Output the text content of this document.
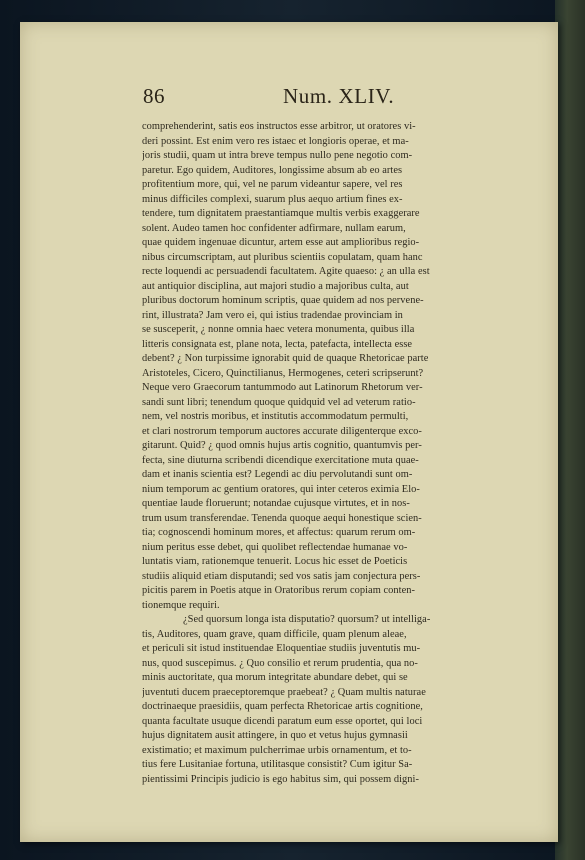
86	Num. XLIV.
comprehenderint, satis eos instructos esse arbitror, ut oratores vi-
deri possint. Est enim vero res istaec et longioris operae, et ma-
joris studii, quam ut intra breve tempus nullo pene negotio com-
paretur. Ego quidem, Auditores, longissime absum ab eo artes
profitentium more, qui, vel ne parum videantur sapere, vel res
minus difficiles complexi, suarum plus aequo artium fines ex-
tendere, tum dignitatem praestantiamque multis verbis exaggerare
solent. Audeo tamen hoc confidenter adfirmare, nullam earum,
quae quidem ingenuae dicuntur, artem esse aut amplioribus regio-
nibus circumscriptam, aut pluribus scientiis copulatam, quam hanc
recte loquendi ac persuadendi facultatem. Agite quaeso: ¿ an ulla est
aut antiquior disciplina, aut majori studio a majoribus culta, aut
pluribus doctorum hominum scriptis, quae quidem ad nos pervene-
rint, illustrata? Jam vero ei, qui istius tradendae provinciam in
se susceperit, ¿ nonne omnia haec vetera monumenta, quibus illa
litteris consignata est, plane nota, lecta, patefacta, intellecta esse
debent? ¿ Non turpissime ignorabit quid de quaque Rhetoricae parte
Aristoteles, Cicero, Quinctilianus, Hermogenes, ceteri scripserunt?
Neque vero Graecorum tantummodo aut Latinorum Rhetorum ver-
sandi sunt libri; tenendum quoque quidquid vel ad veterum ratio-
nem, vel nostris moribus, et institutis accommodatum permulti,
et clari nostrorum temporum auctores accurate diligenterque exco-
gitarunt. Quid? ¿ quod omnis hujus artis cognitio, quantumvis per-
fecta, sine diuturna scribendi dicendique exercitatione muta quae-
dam et inanis scientia est? Legendi ac diu pervolutandi sunt om-
nium temporum ac gentium oratores, qui inter ceteros eximia Elo-
quentiae laude floruerunt; notandae cujusque virtutes, et in nos-
trum usum transferendae. Tenenda quoque aequi honestique scien-
tia; cognoscendi hominum mores, et affectus: quarum rerum om-
nium peritus esse debet, qui quolibet reflectendae humanae vo-
luntatis viam, rationemque tenuerit. Locus hic esset de Poeticis
studiis aliquid etiam disputandi; sed vos satis jam conjectura pers-
picitis parem in Poetis atque in Oratoribus rerum copiam conten-
tionemque requiri.
¿Sed quorsum longa ista disputatio? quorsum? ut intelliga-
tis, Auditores, quam grave, quam difficile, quam plenum aleae,
et periculi sit istud instituendae Eloquentiae studiis juventutis mu-
nus, quod suscepimus. ¿ Quo consilio et rerum prudentia, qua no-
minis auctoritate, qua morum integritate abundare debet, qui se
juventuti ducem praeceptoremque praebeat? ¿ Quam multis naturae
doctrinaeque praesidiis, quam perfecta Rhetoricae artis cognitione,
quanta facultate usuque dicendi paratum eum esse oportet, qui loci
hujus dignitatem ausit attingere, in quo et vetus hujus gymnasii
existimatio; et maximum pulcherrimae urbis ornamentum, et to-
tius fere Lusitaniae fortuna, utilitasque consistit? Cum igitur Sa-
pientissimi Principis judicio is ego habitus sim, qui possem digni-
